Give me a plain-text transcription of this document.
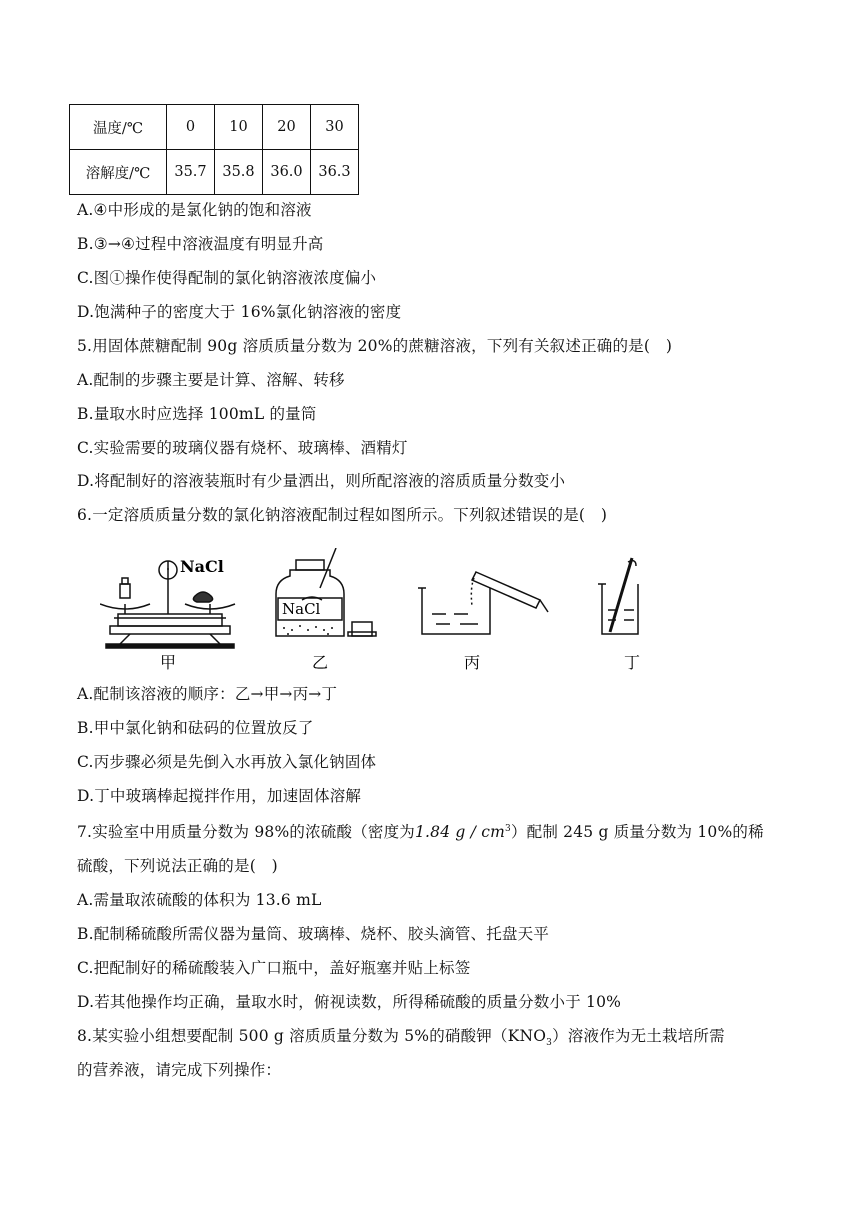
温度/℃	0	10	20	30
溶解度/℃	35.7	35.8	36.0	36.3
A.④中形成的是氯化钠的饱和溶液
B.③→④过程中溶液温度有明显升高
C.图①操作使得配制的氯化钠溶液浓度偏小
D.饱满种子的密度大于 16%氯化钠溶液的密度
5.用固体蔗糖配制 90g 溶质质量分数为 20%的蔗糖溶液，下列有关叙述正确的是(　)
A.配制的步骤主要是计算、溶解、转移
B.量取水时应选择 100mL 的量筒
C.实验需要的玻璃仪器有烧杯、玻璃棒、酒精灯
D.将配制好的溶液装瓶时有少量洒出，则所配溶液的溶质质量分数变小
6.一定溶质质量分数的氯化钠溶液配制过程如图所示。下列叙述错误的是(　)
NaCl
NaCl
甲	乙	丙	丁
A.配制该溶液的顺序：乙→甲→丙→丁
B.甲中氯化钠和砝码的位置放反了
C.丙步骤必须是先倒入水再放入氯化钠固体
D.丁中玻璃棒起搅拌作用，加速固体溶解
7.实验室中用质量分数为 98%的浓硫酸（密度为1.84 g / $cm^3$）配制 245 g 质量分数为 10%的稀
硫酸，下列说法正确的是(　)
A.需量取浓硫酸的体积为 13.6 mL
B.配制稀硫酸所需仪器为量筒、玻璃棒、烧杯、胶头滴管、托盘天平
C.把配制好的稀硫酸装入广口瓶中，盖好瓶塞并贴上标签
D.若其他操作均正确，量取水时，俯视读数，所得稀硫酸的质量分数小于 10%
8.某实验小组想要配制 500 g 溶质质量分数为 5%的硝酸钾$(KNO_3)$溶液作为无土栽培所需
的营养液，请完成下列操作：
